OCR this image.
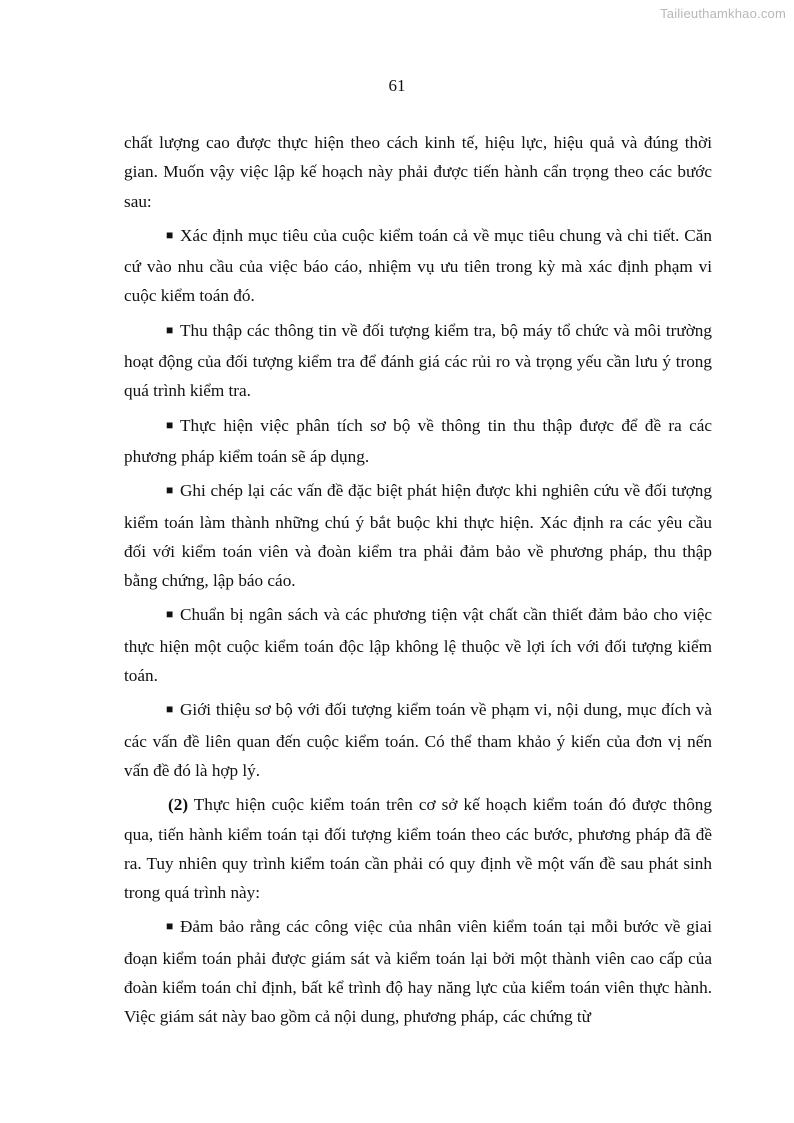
Tailieuthamkhao.com
61

chất lượng cao được thực hiện theo cách kinh tế, hiệu lực, hiệu quả và đúng thời gian. Muốn vậy việc lập kế hoạch này phải được tiến hành cẩn trọng theo các bước sau:

■ Xác định mục tiêu của cuộc kiểm toán cả về mục tiêu chung và chi tiết. Căn cứ vào nhu cầu của việc báo cáo, nhiệm vụ ưu tiên trong kỳ mà xác định phạm vi cuộc kiểm toán đó.

■ Thu thập các thông tin về đối tượng kiểm tra, bộ máy tổ chức và môi trường hoạt động của đối tượng kiểm tra để đánh giá các rủi ro và trọng yếu cần lưu ý trong quá trình kiểm tra.

■ Thực hiện việc phân tích sơ bộ về thông tin thu thập được để đề ra các phương pháp kiểm toán sẽ áp dụng.

■ Ghi chép lại các vấn đề đặc biệt phát hiện được khi nghiên cứu về đối tượng kiểm toán làm thành những chú ý bắt buộc khi thực hiện. Xác định ra các yêu cầu đối với kiểm toán viên và đoàn kiểm tra phải đảm bảo về phương pháp, thu thập bằng chứng, lập báo cáo.

■ Chuẩn bị ngân sách và các phương tiện vật chất cần thiết đảm bảo cho việc thực hiện một cuộc kiểm toán độc lập không lệ thuộc về lợi ích với đối tượng kiểm toán.

■ Giới thiệu sơ bộ với đối tượng kiểm toán về phạm vi, nội dung, mục đích và các vấn đề liên quan đến cuộc kiểm toán. Có thể tham khảo ý kiến của đơn vị nến vấn đề đó là hợp lý.

(2) Thực hiện cuộc kiểm toán trên cơ sở kế hoạch kiểm toán đó được thông qua, tiến hành kiểm toán tại đối tượng kiểm toán theo các bước, phương pháp đã đề ra. Tuy nhiên quy trình kiểm toán cần phải có quy định về một vấn đề sau phát sinh trong quá trình này:

■ Đảm bảo rằng các công việc của nhân viên kiểm toán tại mỗi bước về giai đoạn kiểm toán phải được giám sát và kiểm toán lại bởi một thành viên cao cấp của đoàn kiểm toán chỉ định, bất kể trình độ hay năng lực của kiểm toán viên thực hành. Việc giám sát này bao gồm cả nội dung, phương pháp, các chứng từ
